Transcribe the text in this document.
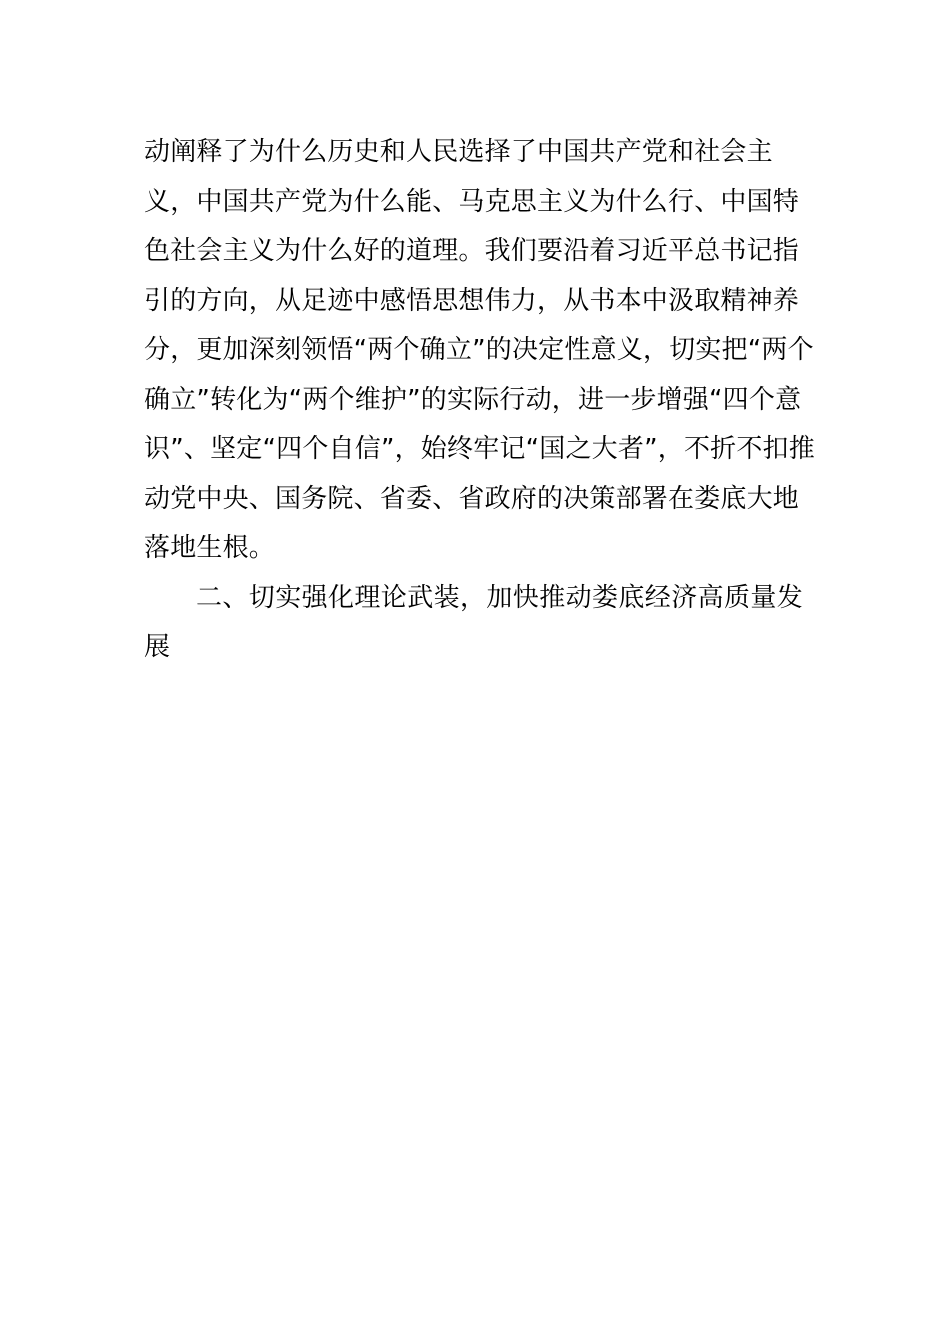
动阐释了为什么历史和人民选择了中国共产党和社会主
义，中国共产党为什么能、马克思主义为什么行、中国特
色社会主义为什么好的道理。我们要沿着习近平总书记指
引的方向，从足迹中感悟思想伟力，从书本中汲取精神养
分，更加深刻领悟“两个确立”的决定性意义，切实把“两个
确立”转化为“两个维护”的实际行动，进一步增强“四个意
识”、坚定“四个自信”，始终牢记“国之大者”，不折不扣推
动党中央、国务院、省委、省政府的决策部署在娄底大地
落地生根。
二、切实强化理论武装，加快推动娄底经济高质量发
展
